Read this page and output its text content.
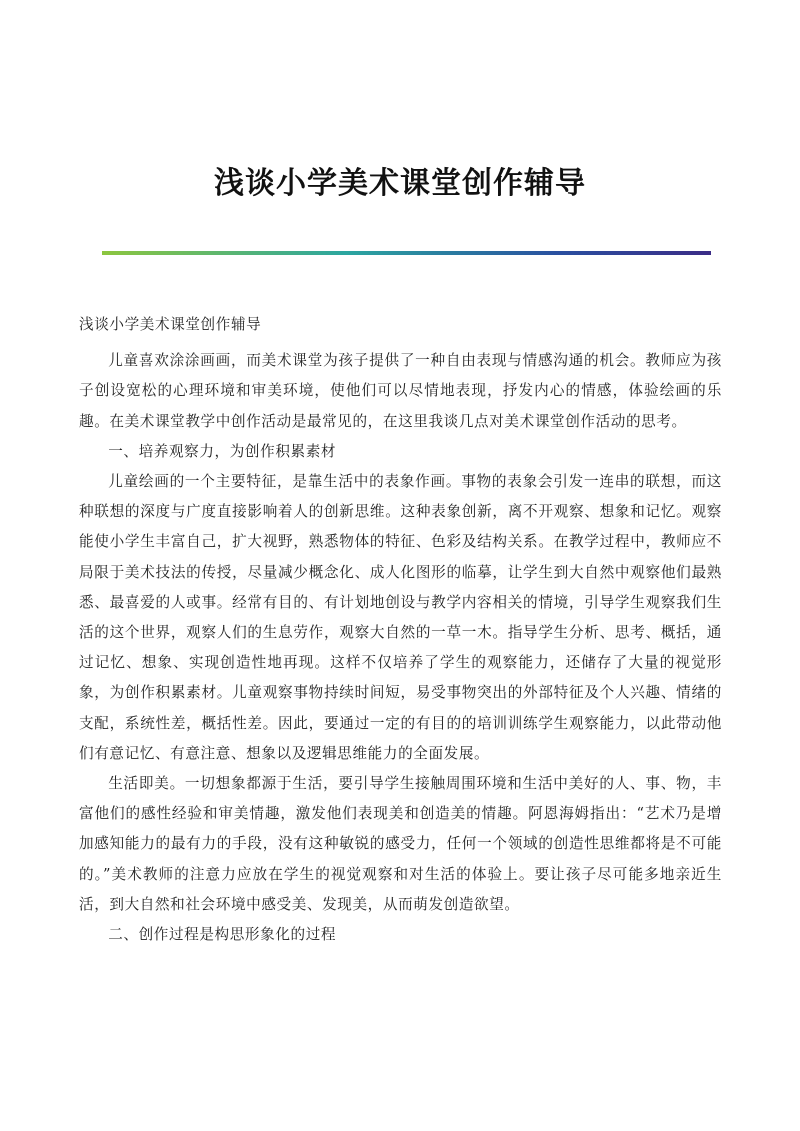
浅谈小学美术课堂创作辅导

浅谈小学美术课堂创作辅导

儿童喜欢涂涂画画，而美术课堂为孩子提供了一种自由表现与情感沟通的机会。教师应为孩子创设宽松的心理环境和审美环境，使他们可以尽情地表现，抒发内心的情感，体验绘画的乐趣。在美术课堂教学中创作活动是最常见的，在这里我谈几点对美术课堂创作活动的思考。

一、培养观察力，为创作积累素材

儿童绘画的一个主要特征，是靠生活中的表象作画。事物的表象会引发一连串的联想，而这种联想的深度与广度直接影响着人的创新思维。这种表象创新，离不开观察、想象和记忆。观察能使小学生丰富自己，扩大视野，熟悉物体的特征、色彩及结构关系。在教学过程中，教师应不局限于美术技法的传授，尽量减少概念化、成人化图形的临摹，让学生到大自然中观察他们最熟悉、最喜爱的人或事。经常有目的、有计划地创设与教学内容相关的情境，引导学生观察我们生活的这个世界，观察人们的生息劳作，观察大自然的一草一木。指导学生分析、思考、概括，通过记忆、想象、实现创造性地再现。这样不仅培养了学生的观察能力，还储存了大量的视觉形象，为创作积累素材。儿童观察事物持续时间短，易受事物突出的外部特征及个人兴趣、情绪的支配，系统性差，概括性差。因此，要通过一定的有目的的培训训练学生观察能力，以此带动他们有意记忆、有意注意、想象以及逻辑思维能力的全面发展。

生活即美。一切想象都源于生活，要引导学生接触周围环境和生活中美好的人、事、物，丰富他们的感性经验和审美情趣，激发他们表现美和创造美的情趣。阿恩海姆指出：“艺术乃是增加感知能力的最有力的手段，没有这种敏锐的感受力，任何一个领域的创造性思维都将是不可能的。”美术教师的注意力应放在学生的视觉观察和对生活的体验上。要让孩子尽可能多地亲近生活，到大自然和社会环境中感受美、发现美，从而萌发创造欲望。

二、创作过程是构思形象化的过程
